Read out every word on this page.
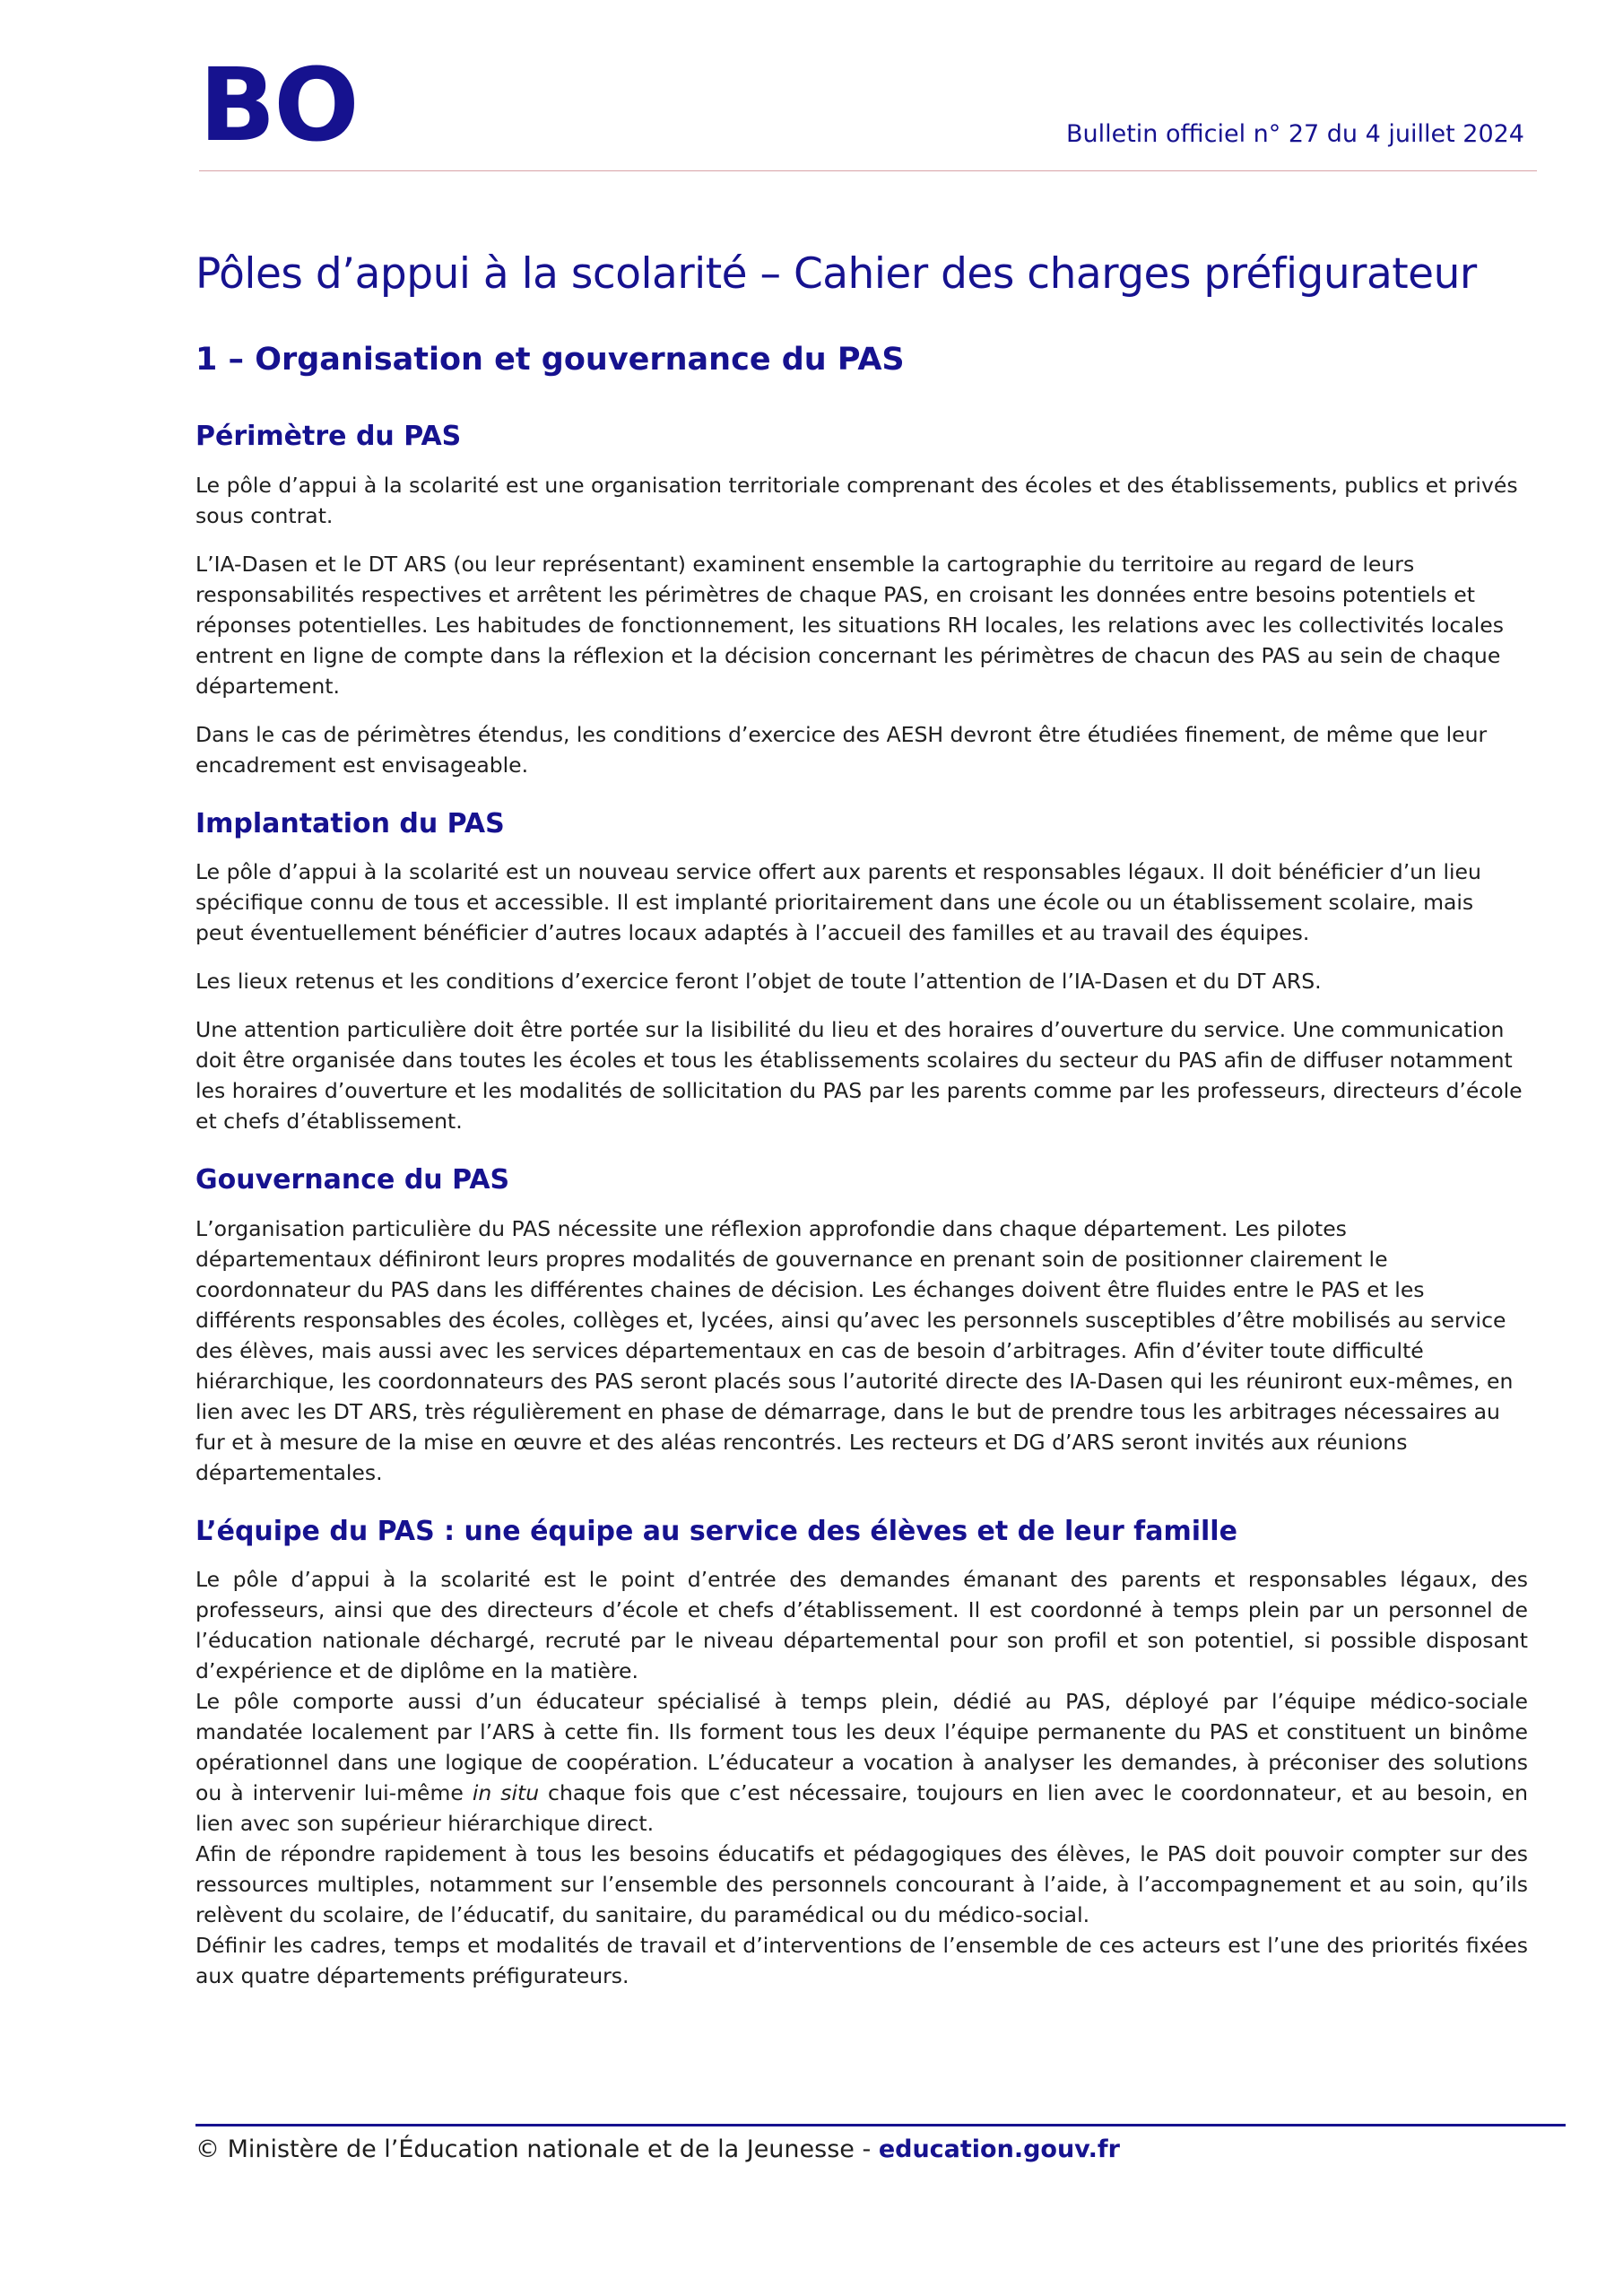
BO	Bulletin officiel n° 27 du 4 juillet 2024

Pôles d’appui à la scolarité – Cahier des charges préfigurateur
1 – Organisation et gouvernance du PAS
Périmètre du PAS

Le pôle d’appui à la scolarité est une organisation territoriale comprenant des écoles et des établissements, publics et privés sous contrat.

L’IA-Dasen et le DT ARS (ou leur représentant) examinent ensemble la cartographie du territoire au regard de leurs responsabilités respectives et arrêtent les périmètres de chaque PAS, en croisant les données entre besoins potentiels et réponses potentielles. Les habitudes de fonctionnement, les situations RH locales, les relations avec les collectivités locales entrent en ligne de compte dans la réflexion et la décision concernant les périmètres de chacun des PAS au sein de chaque département.

Dans le cas de périmètres étendus, les conditions d’exercice des AESH devront être étudiées finement, de même que leur encadrement est envisageable.

Implantation du PAS

Le pôle d’appui à la scolarité est un nouveau service offert aux parents et responsables légaux. Il doit bénéficier d’un lieu spécifique connu de tous et accessible. Il est implanté prioritairement dans une école ou un établissement scolaire, mais peut éventuellement bénéficier d’autres locaux adaptés à l’accueil des familles et au travail des équipes.

Les lieux retenus et les conditions d’exercice feront l’objet de toute l’attention de l’IA-Dasen et du DT ARS.

Une attention particulière doit être portée sur la lisibilité du lieu et des horaires d’ouverture du service. Une communication doit être organisée dans toutes les écoles et tous les établissements scolaires du secteur du PAS afin de diffuser notamment les horaires d’ouverture et les modalités de sollicitation du PAS par les parents comme par les professeurs, directeurs d’école et chefs d’établissement.

Gouvernance du PAS

L’organisation particulière du PAS nécessite une réflexion approfondie dans chaque département. Les pilotes départementaux définiront leurs propres modalités de gouvernance en prenant soin de positionner clairement le coordonnateur du PAS dans les différentes chaines de décision. Les échanges doivent être fluides entre le PAS et les différents responsables des écoles, collèges et, lycées, ainsi qu’avec les personnels susceptibles d’être mobilisés au service des élèves, mais aussi avec les services départementaux en cas de besoin d’arbitrages. Afin d’éviter toute difficulté hiérarchique, les coordonnateurs des PAS seront placés sous l’autorité directe des IA-Dasen qui les réuniront eux-mêmes, en lien avec les DT ARS, très régulièrement en phase de démarrage, dans le but de prendre tous les arbitrages nécessaires au fur et à mesure de la mise en œuvre et des aléas rencontrés. Les recteurs et DG d’ARS seront invités aux réunions départementales.

L’équipe du PAS : une équipe au service des élèves et de leur famille

Le pôle d’appui à la scolarité est le point d’entrée des demandes émanant des parents et responsables légaux, des professeurs, ainsi que des directeurs d’école et chefs d’établissement. Il est coordonné à temps plein par un personnel de l’éducation nationale déchargé, recruté par le niveau départemental pour son profil et son potentiel, si possible disposant d’expérience et de diplôme en la matière.

Le pôle comporte aussi d’un éducateur spécialisé à temps plein, dédié au PAS, déployé par l’équipe médico-sociale mandatée localement par l’ARS à cette fin. Ils forment tous les deux l’équipe permanente du PAS et constituent un binôme opérationnel dans une logique de coopération. L’éducateur a vocation à analyser les demandes, à préconiser des solutions ou à intervenir lui-même in situ chaque fois que c’est nécessaire, toujours en lien avec le coordonnateur, et au besoin, en lien avec son supérieur hiérarchique direct.

Afin de répondre rapidement à tous les besoins éducatifs et pédagogiques des élèves, le PAS doit pouvoir compter sur des ressources multiples, notamment sur l’ensemble des personnels concourant à l’aide, à l’accompagnement et au soin, qu’ils relèvent du scolaire, de l’éducatif, du sanitaire, du paramédical ou du médico-social.

Définir les cadres, temps et modalités de travail et d’interventions de l’ensemble de ces acteurs est l’une des priorités fixées aux quatre départements préfigurateurs.

© Ministère de l’Éducation nationale et de la Jeunesse - education.gouv.fr
